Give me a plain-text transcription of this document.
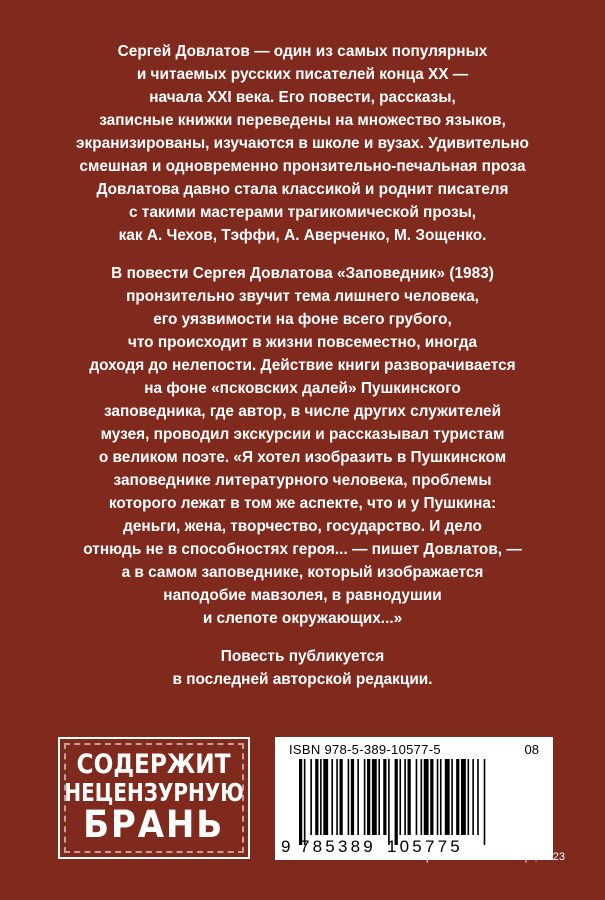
Сергей Довлатов — один из самых популярных
и читаемых русских писателей конца XX —
начала XXI века. Его повести, рассказы,
записные книжки переведены на множество языков,
экранизированы, изучаются в школе и вузах. Удивительно
смешная и одновременно пронзительно-печальная проза
Довлатова давно стала классикой и роднит писателя
с такими мастерами трагикомической прозы,
как А. Чехов, Тэффи, А. Аверченко, М. Зощенко.
В повести Сергея Довлатова «Заповедник» (1983)
пронзительно звучит тема лишнего человека,
его уязвимости на фоне всего грубого,
что происходит в жизни повсеместно, иногда
доходя до нелепости. Действие книги разворачивается
на фоне «псковских далей» Пушкинского
заповедника, где автор, в числе других служителей
музея, проводил экскурсии и рассказывал туристам
о великом поэте. «Я хотел изобразить в Пушкинском
заповеднике литературного человека, проблемы
которого лежат в том же аспекте, что и у Пушкина:
деньги, жена, творчество, государство. И дело
отнюдь не в способностях героя... — пишет Довлатов, —
а в самом заповеднике, который изображается
наподобие мавзолея, в равнодушии
и слепоте окружающих...»
Повесть публикуется
в последней авторской редакции.
СОДЕРЖИТ
НЕЦЕНЗУРНУЮ
БРАНЬ
ISBN 978-5-389-10577-5	08
9 785389 105775
© Фотоматериалы Нины Аловерт, 2023
